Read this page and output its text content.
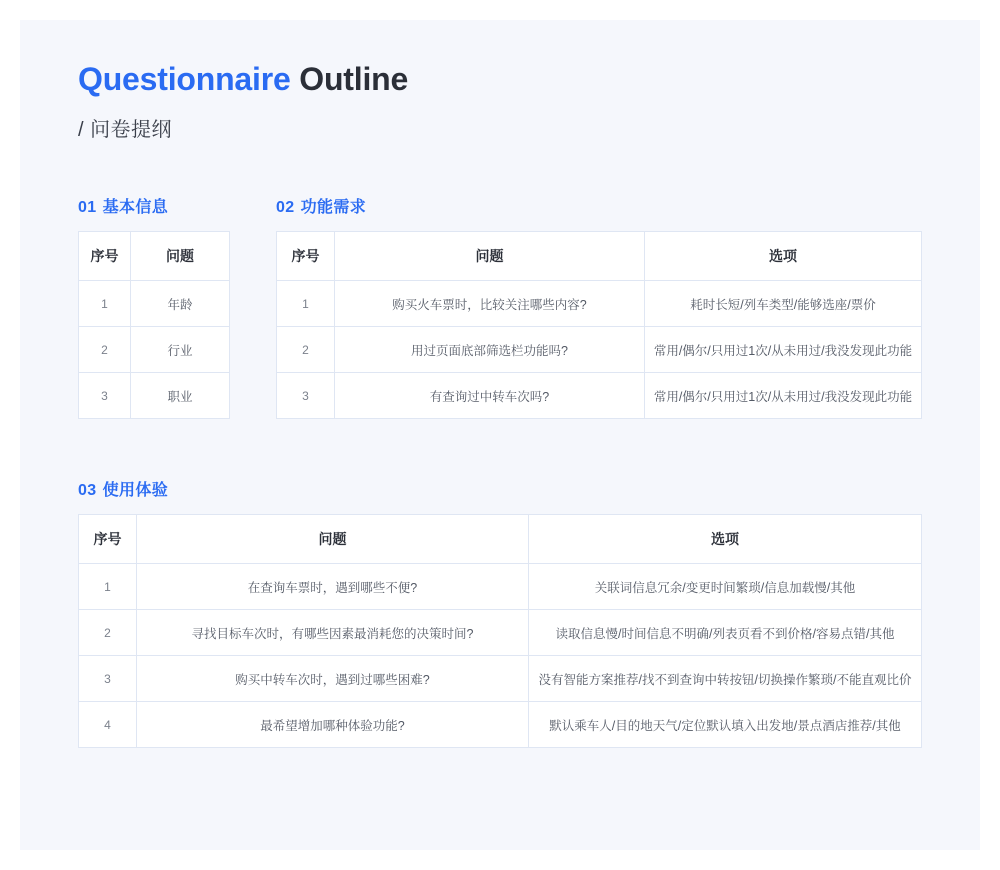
Questionnaire Outline
/ 问卷提纲
01 基本信息
序号	问题
1	年龄
2	行业
3	职业
02 功能需求
序号	问题	选项
1	购买火车票时，比较关注哪些内容?	耗时长短/列车类型/能够选座/票价
2	用过页面底部筛选栏功能吗?	常用/偶尔/只用过1次/从未用过/我没发现此功能
3	有查询过中转车次吗?	常用/偶尔/只用过1次/从未用过/我没发现此功能
03 使用体验
序号	问题	选项
1	在查询车票时，遇到哪些不便?	关联词信息冗余/变更时间繁琐/信息加载慢/其他
2	寻找目标车次时，有哪些因素最消耗您的决策时间?	读取信息慢/时间信息不明确/列表页看不到价格/容易点错/其他
3	购买中转车次时，遇到过哪些困难?	没有智能方案推荐/找不到查询中转按钮/切换操作繁琐/不能直观比价
4	最希望增加哪种体验功能?	默认乘车人/目的地天气/定位默认填入出发地/景点酒店推荐/其他
